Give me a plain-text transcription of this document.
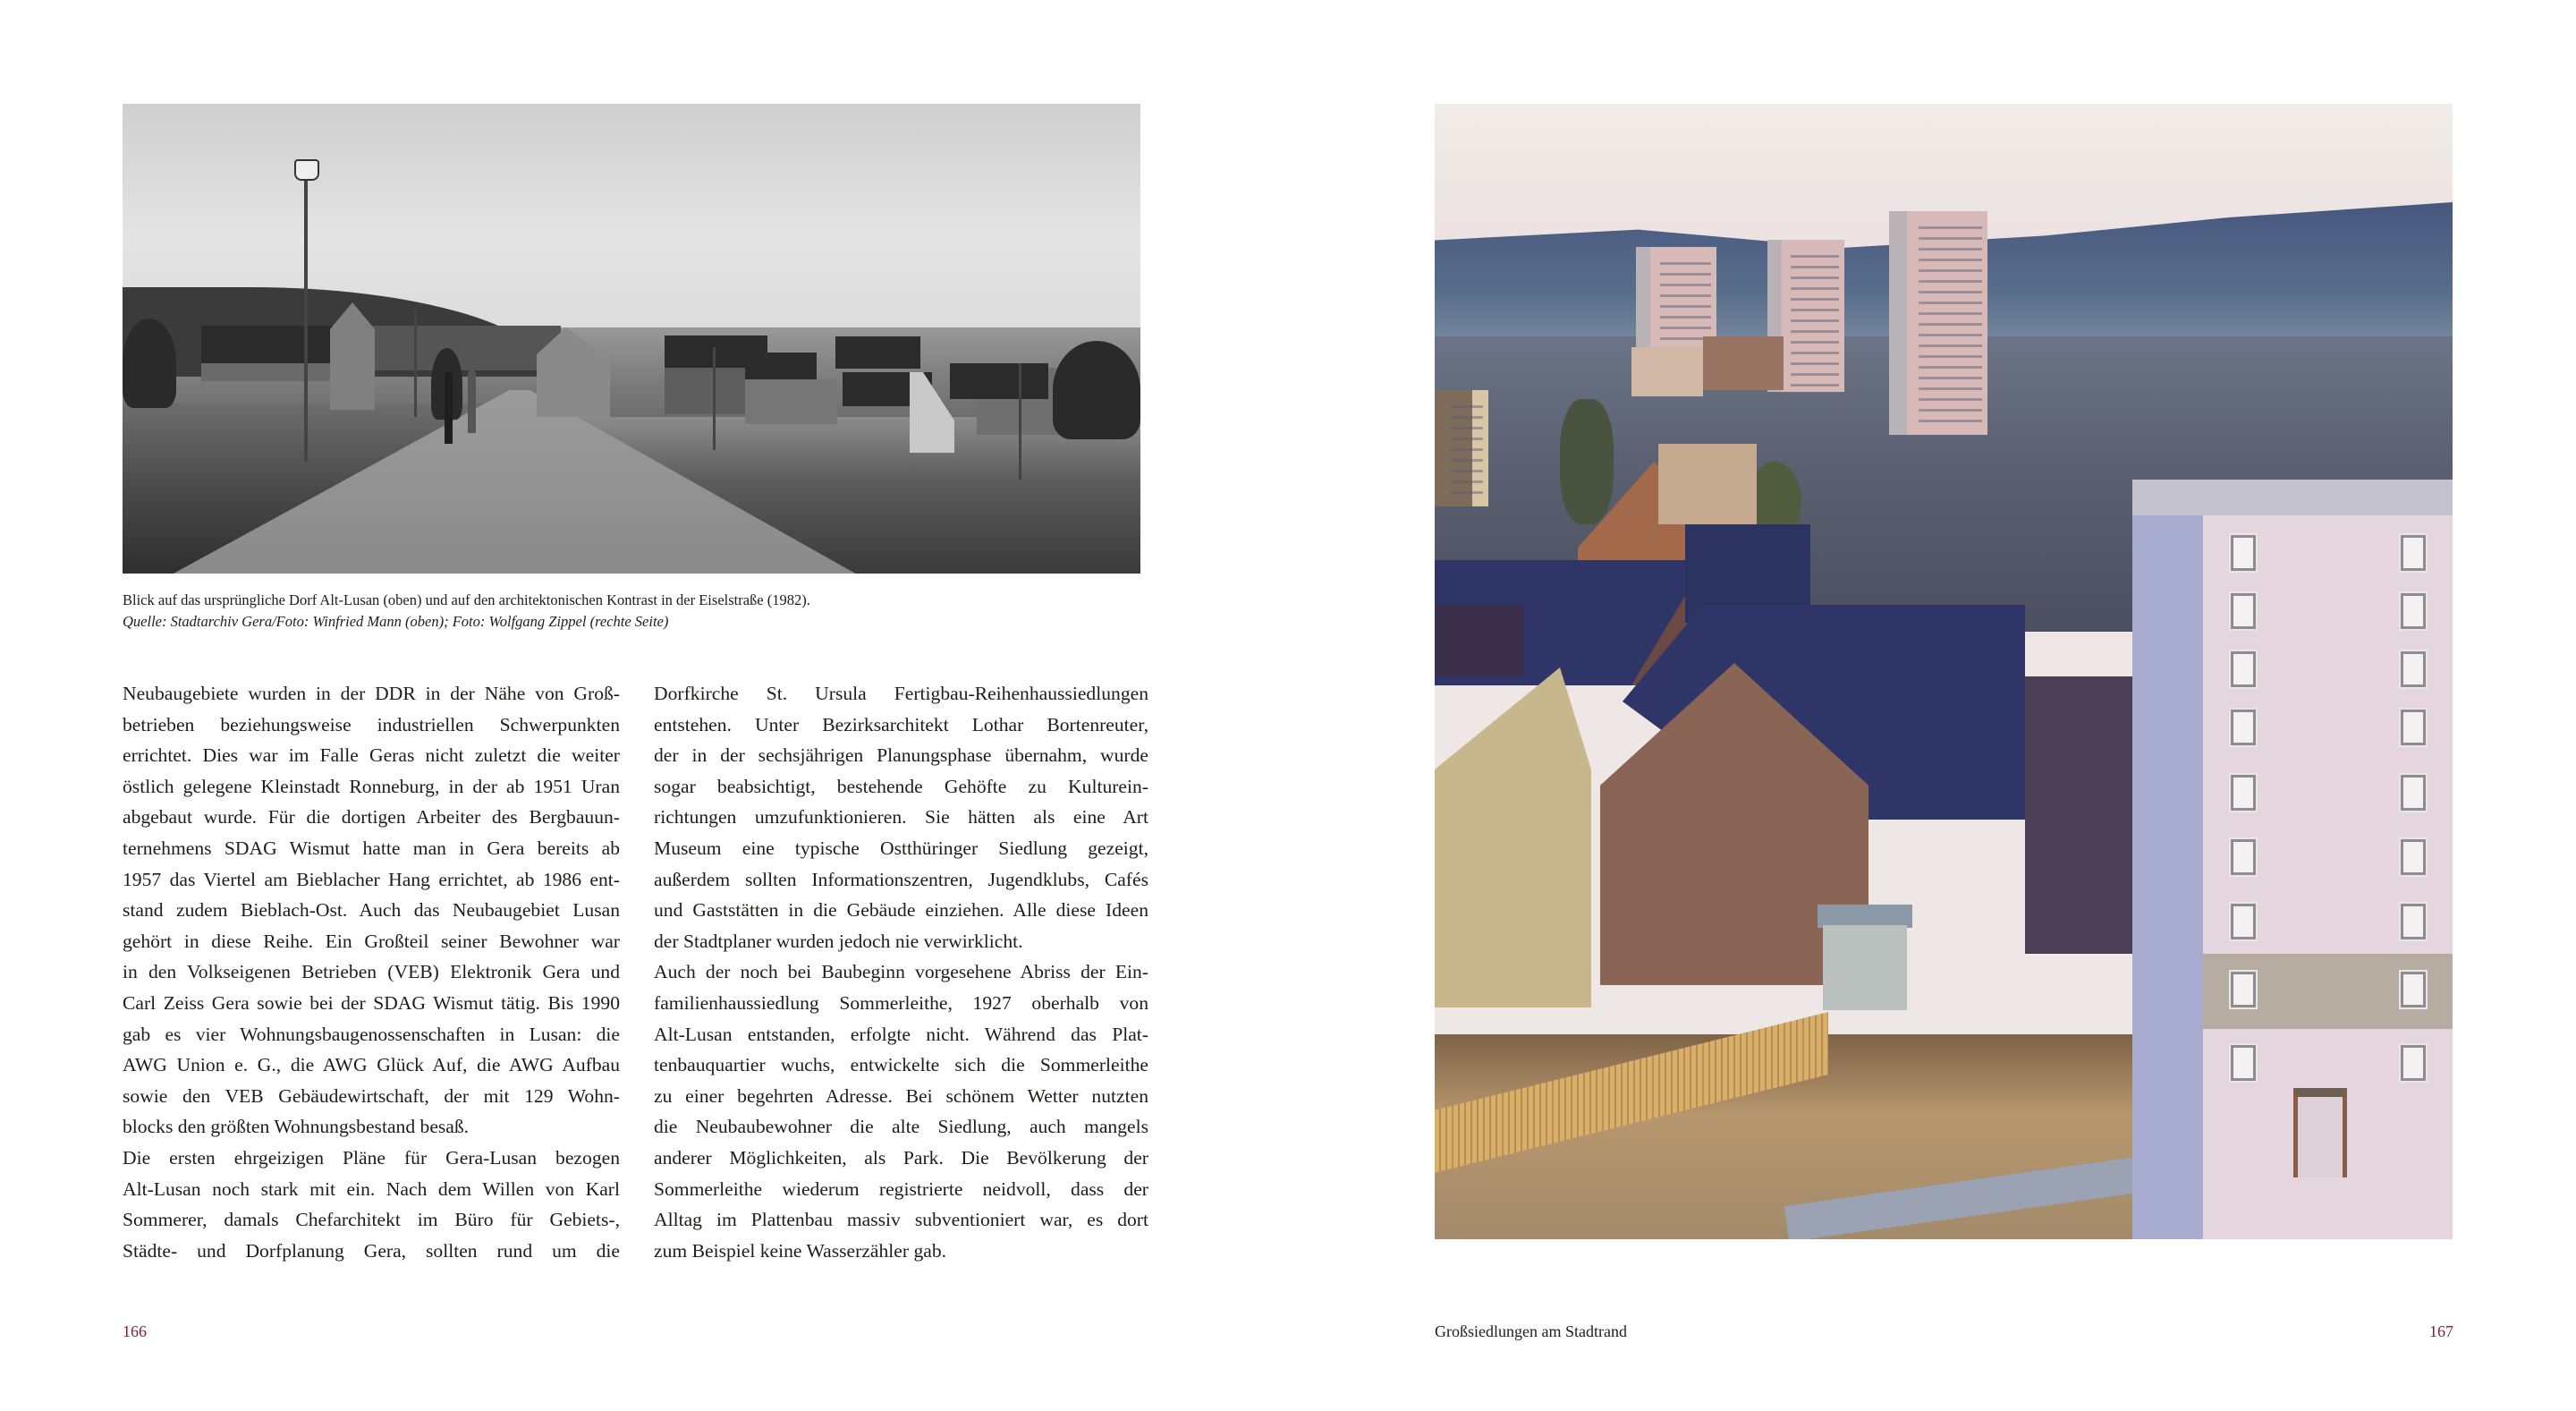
Blick auf das ursprüngliche Dorf Alt-Lusan (oben) und auf den architektonischen Kontrast in der Eiselstraße (1982).
Quelle: Stadtarchiv Gera/Foto: Winfried Mann (oben); Foto: Wolfgang Zippel (rechte Seite)
Neubaugebiete wurden in der DDR in der Nähe von Groß-
betrieben beziehungsweise industriellen Schwerpunkten
errichtet. Dies war im Falle Geras nicht zuletzt die weiter
östlich gelegene Kleinstadt Ronneburg, in der ab 1951 Uran
abgebaut wurde. Für die dortigen Arbeiter des Bergbauun-
ternehmens SDAG Wismut hatte man in Gera bereits ab
1957 das Viertel am Bieblacher Hang errichtet, ab 1986 ent-
stand zudem Bieblach-Ost. Auch das Neubaugebiet Lusan
gehört in diese Reihe. Ein Großteil seiner Bewohner war
in den Volkseigenen Betrieben (VEB) Elektronik Gera und
Carl Zeiss Gera sowie bei der SDAG Wismut tätig. Bis 1990
gab es vier Wohnungsbaugenossenschaften in Lusan: die
AWG Union e. G., die AWG Glück Auf, die AWG Aufbau
sowie den VEB Gebäudewirtschaft, der mit 129 Wohn-
blocks den größten Wohnungsbestand besaß.
Die ersten ehrgeizigen Pläne für Gera-Lusan bezogen
Alt-Lusan noch stark mit ein. Nach dem Willen von Karl
Sommerer, damals Chefarchitekt im Büro für Gebiets-,
Städte- und Dorfplanung Gera, sollten rund um die
Dorfkirche St. Ursula Fertigbau-Reihenhaussiedlungen
entstehen. Unter Bezirksarchitekt Lothar Bortenreuter,
der in der sechsjährigen Planungsphase übernahm, wurde
sogar beabsichtigt, bestehende Gehöfte zu Kulturein-
richtungen umzufunktionieren. Sie hätten als eine Art
Museum eine typische Ostthüringer Siedlung gezeigt,
außerdem sollten Informationszentren, Jugendklubs, Cafés
und Gaststätten in die Gebäude einziehen. Alle diese Ideen
der Stadtplaner wurden jedoch nie verwirklicht.
Auch der noch bei Baubeginn vorgesehene Abriss der Ein-
familienhaussiedlung Sommerleithe, 1927 oberhalb von
Alt-Lusan entstanden, erfolgte nicht. Während das Plat-
tenbauquartier wuchs, entwickelte sich die Sommerleithe
zu einer begehrten Adresse. Bei schönem Wetter nutzten
die Neubaubewohner die alte Siedlung, auch mangels
anderer Möglichkeiten, als Park. Die Bevölkerung der
Sommerleithe wiederum registrierte neidvoll, dass der
Alltag im Plattenbau massiv subventioniert war, es dort
zum Beispiel keine Wasserzähler gab.
166	Großsiedlungen am Stadtrand	167
